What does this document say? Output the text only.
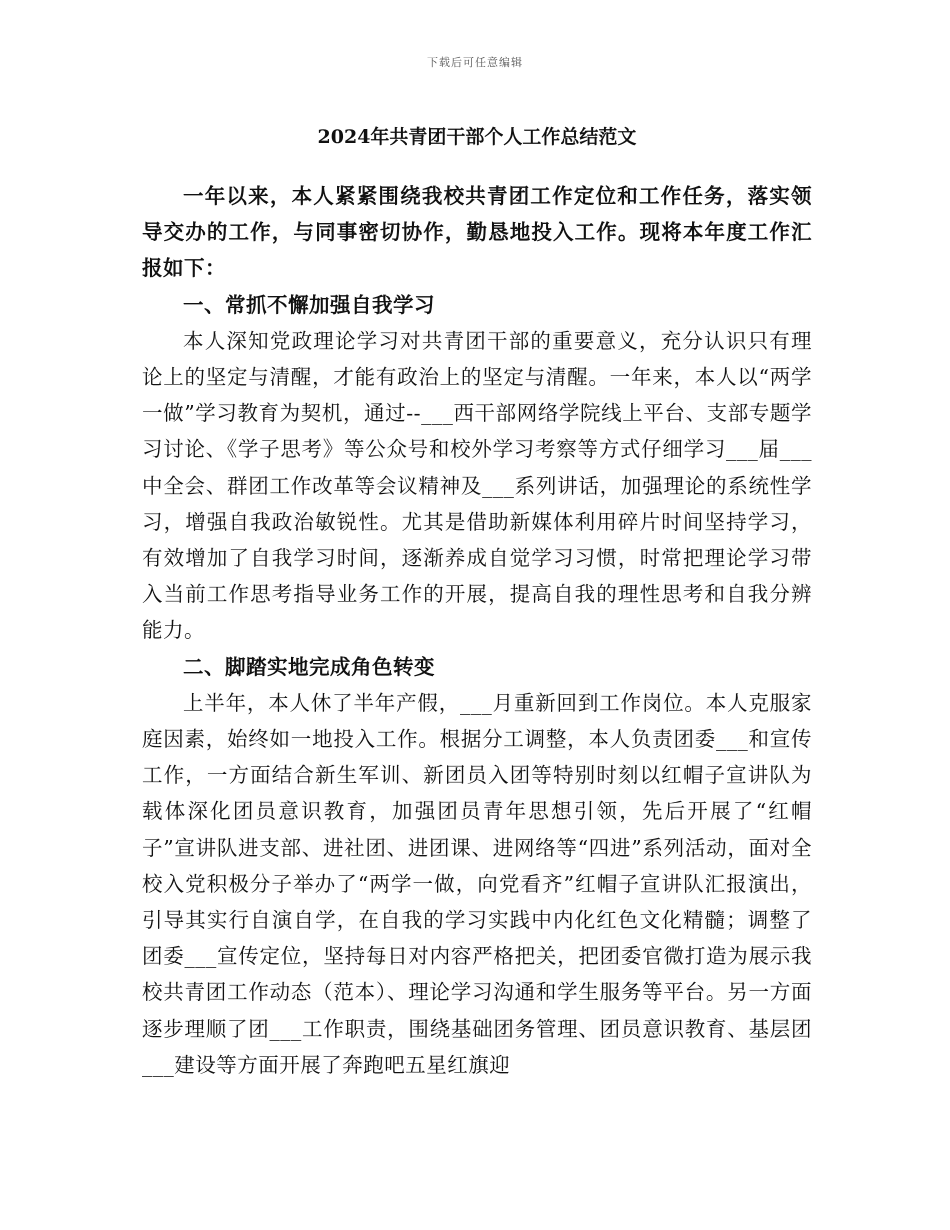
下载后可任意编辑
2024年共青团干部个人工作总结范文

一年以来，本人紧紧围绕我校共青团工作定位和工作任务，落实领导交办的工作，与同事密切协作，勤恳地投入工作。现将本年度工作汇报如下：

一、常抓不懈加强自我学习

本人深知党政理论学习对共青团干部的重要意义，充分认识只有理论上的坚定与清醒，才能有政治上的坚定与清醒。一年来，本人以“两学一做”学习教育为契机，通过--___西干部网络学院线上平台、支部专题学习讨论、《学子思考》等公众号和校外学习考察等方式仔细学习___届___中全会、群团工作改革等会议精神及___系列讲话，加强理论的系统性学习，增强自我政治敏锐性。尤其是借助新媒体利用碎片时间坚持学习，有效增加了自我学习时间，逐渐养成自觉学习习惯，时常把理论学习带入当前工作思考指导业务工作的开展，提高自我的理性思考和自我分辨能力。

二、脚踏实地完成角色转变

上半年，本人休了半年产假，___月重新回到工作岗位。本人克服家庭因素，始终如一地投入工作。根据分工调整，本人负责团委___和宣传工作，一方面结合新生军训、新团员入团等特别时刻以红帽子宣讲队为载体深化团员意识教育，加强团员青年思想引领，先后开展了“红帽子”宣讲队进支部、进社团、进团课、进网络等“四进”系列活动，面对全校入党积极分子举办了“两学一做，向党看齐”红帽子宣讲队汇报演出，引导其实行自演自学，在自我的学习实践中内化红色文化精髓；调整了团委___宣传定位，坚持每日对内容严格把关，把团委官微打造为展示我校共青团工作动态（范本）、理论学习沟通和学生服务等平台。另一方面逐步理顺了团___工作职责，围绕基础团务管理、团员意识教育、基层团___建设等方面开展了奔跑吧五星红旗迎
